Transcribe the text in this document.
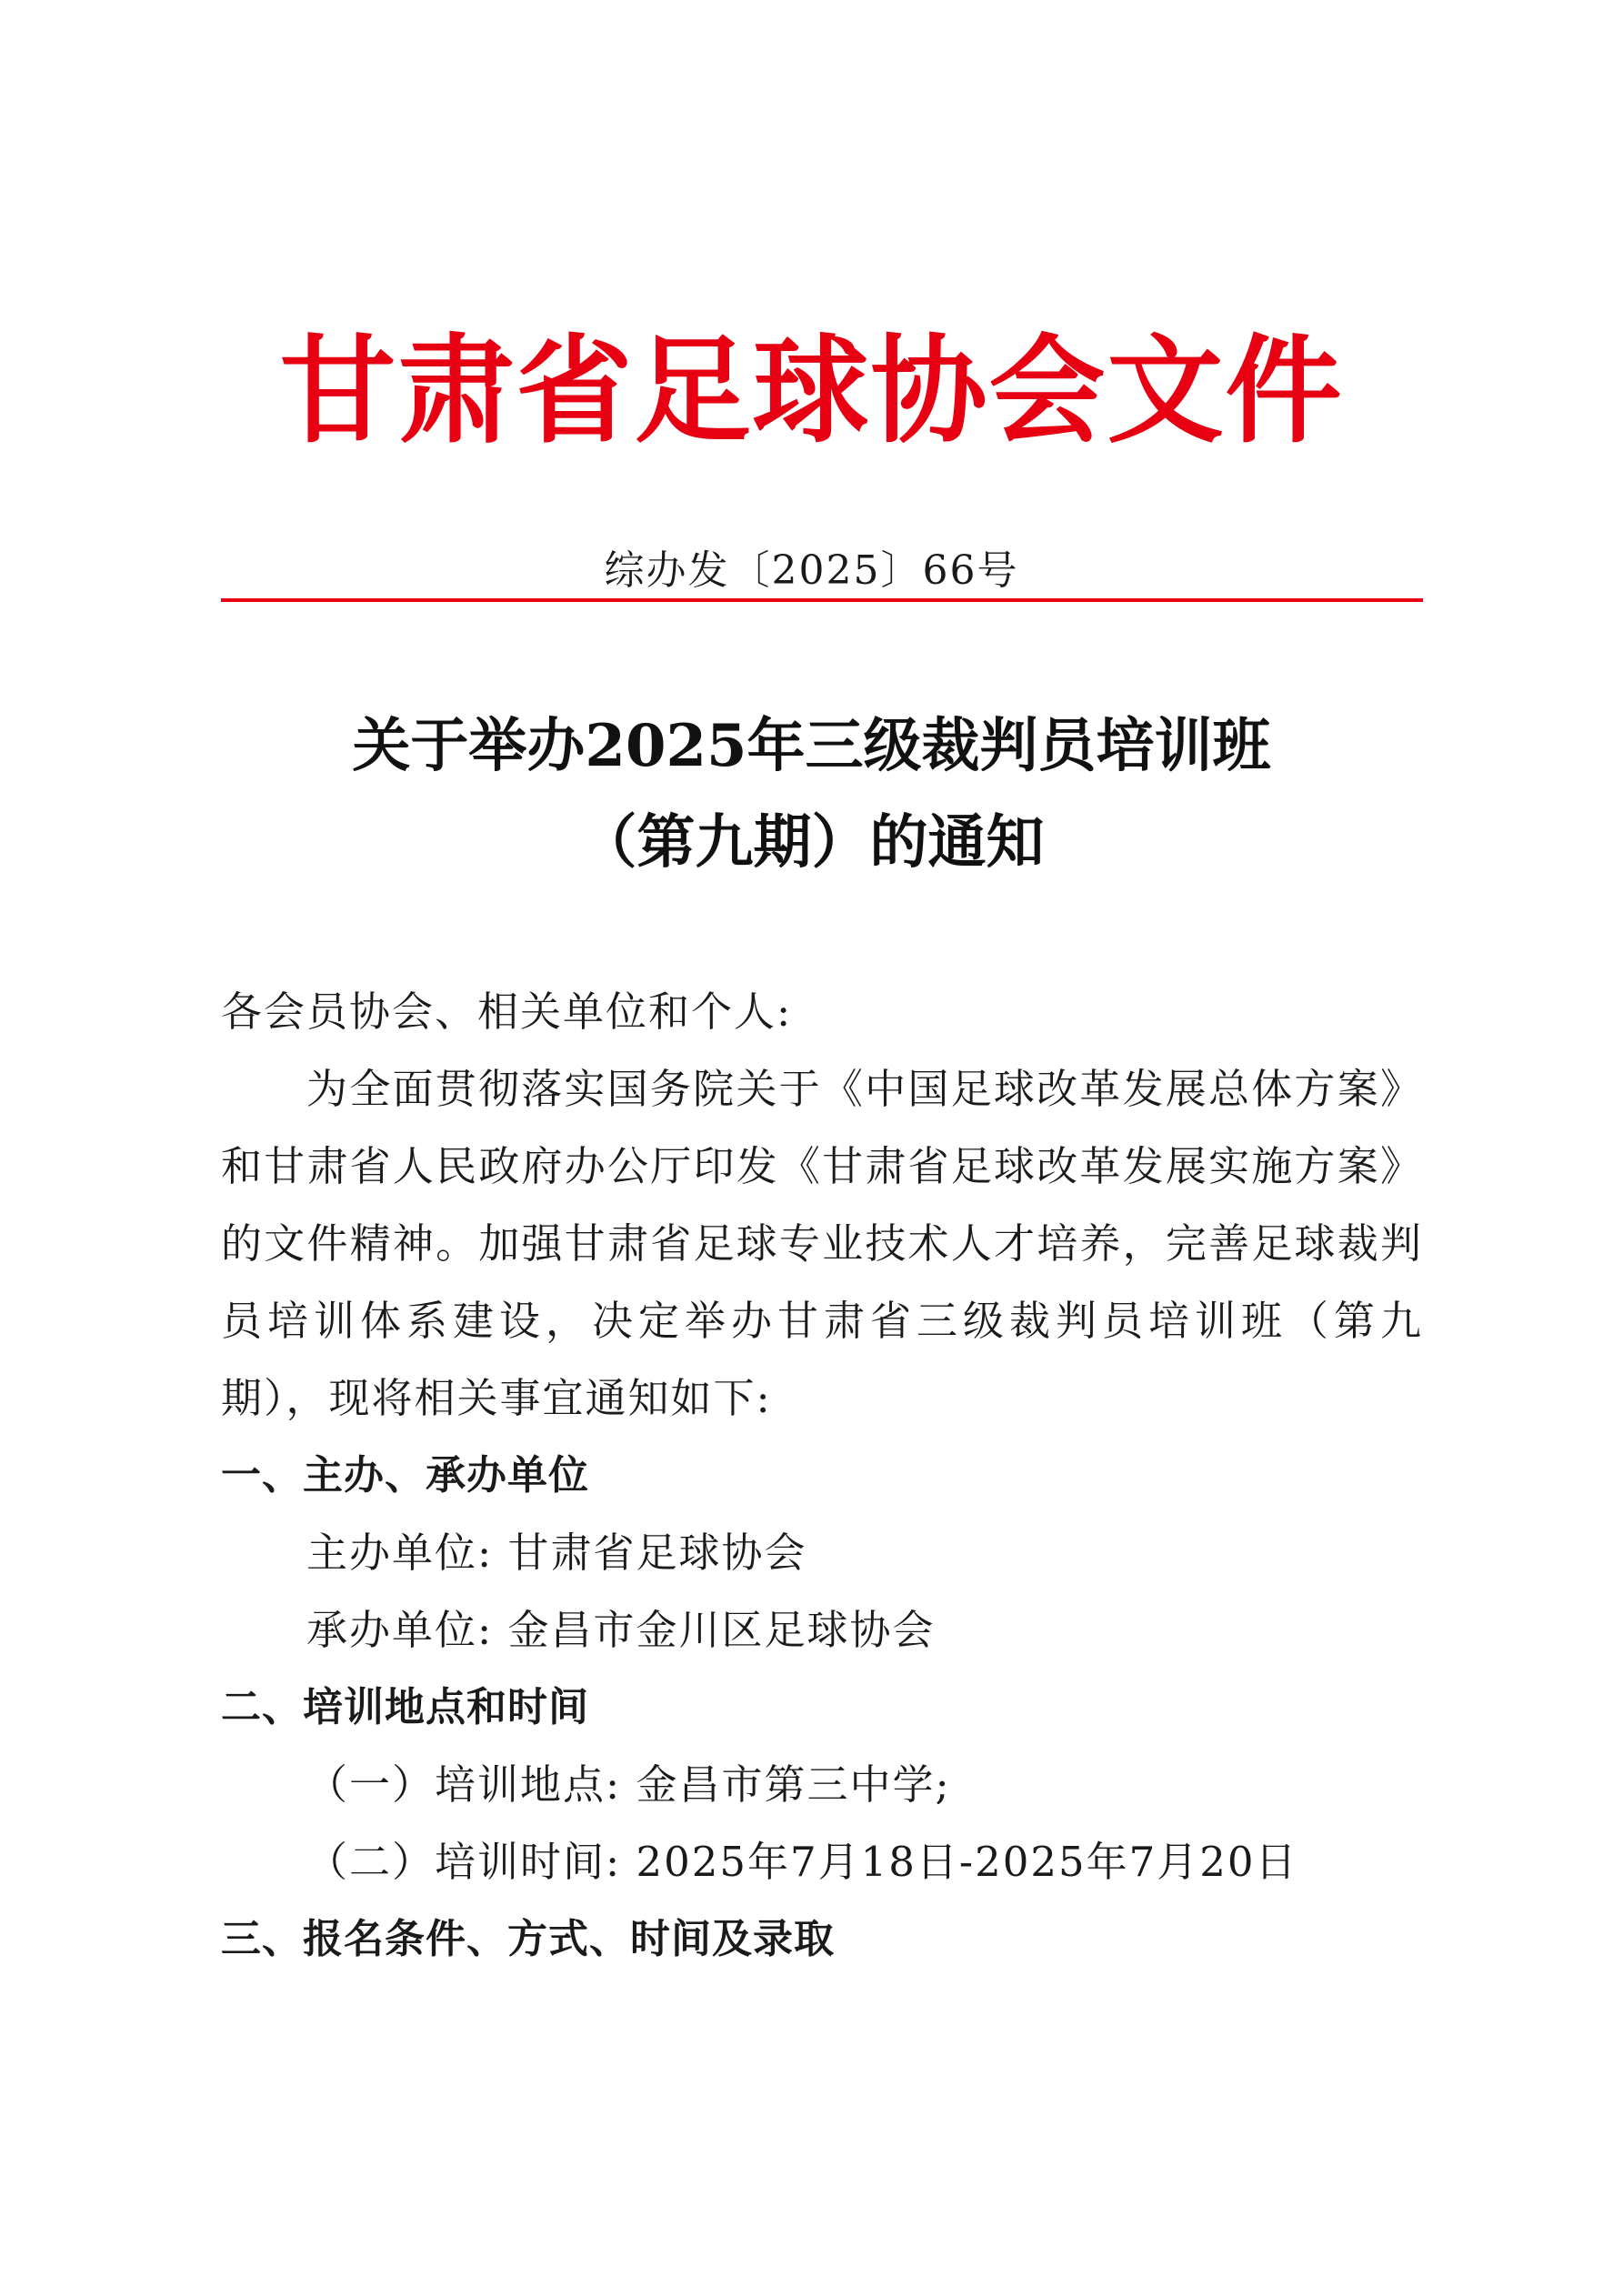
甘肃省足球协会文件
综办发〔2025〕66号
关于举办2025年三级裁判员培训班
（第九期）的通知

各会员协会、相关单位和个人:

为全面贯彻落实国务院关于《中国足球改革发展总体方案》和甘肃省人民政府办公厅印发《甘肃省足球改革发展实施方案》的文件精神。加强甘肃省足球专业技术人才培养，完善足球裁判员培训体系建设，决定举办甘肃省三级裁判员培训班（第九期），现将相关事宜通知如下:

一、主办、承办单位

主办单位: 甘肃省足球协会

承办单位: 金昌市金川区足球协会

二、培训地点和时间

（一）培训地点: 金昌市第三中学;

（二）培训时间: 2025年7月18日-2025年7月20日

三、报名条件、方式、时间及录取
